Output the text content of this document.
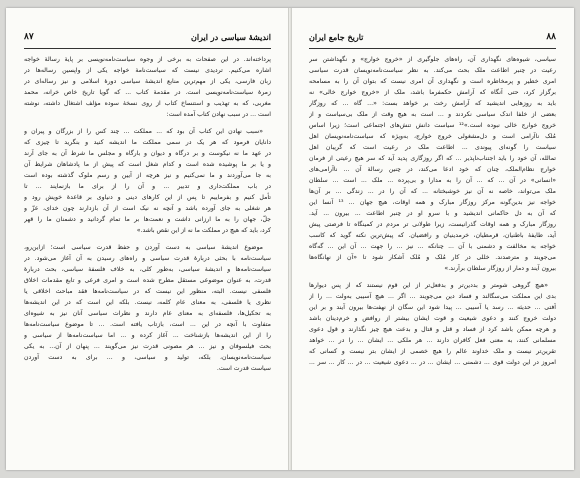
۸۷	اندیشهٔ سیاسی در ایران
پرداخته‌اند. در این صفحات به برخی از وجوه سیاست‌نامه‌نویسی بر پایهٔ رسالهٔ خواجه
اشاره می‌کنیم. تردیدی نیست که سیاست‌نامهٔ خواجه یکی از واپسین رساله‌ها در
زبان فارسی، یکی از مهم‌ترین منابع اندیشهٔ سیاسی دورهٔ اسلامی و نیز رساله‌ای در
زمرهٔ سیاست‌نامه‌نویسی است. در مقدمهٔ کتاب ... که گویا تاریخ خاص خرانه، محمد
مغربی، که به تهذیب و استنساخ کتاب از روی نسخهٔ سوده مؤلف اشتغال داشته، نوشته
است ... در سبب نهادن کتاب آمده است:
«سبب نهادن این کتاب آن بود که ... مملکت ... چند کس را از بزرگان و پیران و
دانایان فرمود که هر یک در سمی مملکت ما اندیشه کنید و بنگرید تا چیزی که
در عهد ما نه نیکوست و بر درگاه و دیوان و بارگاه و مجلس ما شرط آن به جای آرند
و یا بر ما پوشیده شده است و کدام شغل است که پیش از ما پادشاهان شرایط آن
به جا می‌آوردند و ما نمی‌کنیم و نیز هرچه از آیین و رسم ملوک گذشته بوده است
در باب مملکت‌داری و تدبیر ... و آن را از برای ما بازنمایند ... تا
تأمل کنیم و بفرماییم تا پس از این کارهای دینی و دنیاوی بر قاعدهٔ خویش رود و
هر شغلی به جای آورده باشد و آنچه نه نیک است از آن بازدارند چون خدای، عزّ و
جلّ، جهان را به ما ارزانی داشت و نعمت‌ها بر ما تمام گردانید و دشمنان ما را قهر
کرد، باید که هیچ در مملکت ما نه از این نقص باشد.»
موضوع اندیشهٔ سیاسی به دست آوردن و حفظ قدرت سیاسی است؛ ازاین‌رو،
سیاست‌نامه با بحثی دربارهٔ قدرت سیاسی و راه‌های رسیدن به آن آغاز می‌شود. در
سیاست‌نامه‌ها و اندیشهٔ سیاسی، به‌طور کلی، به خلاف فلسفهٔ سیاسی، بحث دربارهٔ
قدرت، به عنوان موضوعی مستقل مطرح شده است و امری فرعی و تابع مقدمات اخلاق
فلسفی نیست. البته، منظور این نیست که در سیاست‌نامه‌ها فقد مباحث اخلاقی یا
نظری یا فلسفی، به معنای عام کلمه، نیست. بلکه این است که در ‌این اندیشه‌ها
به تحکیل‌ها، فلسفه‌ای به معنای عام دارند و نظرات سیاسی آنان نیز به شیوه‌ای
متفاوت با آنچه در این ... است، بازتاب یافته است. ... تا موضوع سیاست‌نامه‌ها
را از این اندیشه‌ها بازشناخت ... آغاز کرده و ... اما سیاست‌نامه‌ها از سیاسی و
بحث فیلسوفان و نیز ... هر مصونی قدرت نیز می‌گویند ... پنهان از آن... به یکی
سیاست‌نامه‌نویسان، بلکه، تولید و سیاسی، و ... برای به دست آوردن
سیاست قدرت است.
تاریخ جامع ایران	۸۸
سیاسی، شیوه‌های نگهداری آن، راه‌های جلوگیری از «خروج خوارج» و نگهداشتن سر
رعیت در چنبر اطاعت ملک بحث می‌کند. به نظر سیاست‌نامه‌نویسان قدرت سیاسی
امری خطیر و پرمخاطره است و نگهداری آن امری نیست که بتوان آن را به مسامحه
برگزار کرد، حتی آنگاه که آرامش حکمفرما باشد، ملک از «خروج خوارج خالی» نه
باید به روزهایی اندیشید که آرامش رخت بر خواهد بست: «... گاه ... که روزگار
بعضی از خلفا اندک سیاسی نکردند و ... است به هیچ وقت از ملک بی‌سیاست و از
خروج خوارج خالی نبوده است.»¹² سیاست دانش تنش‌های اجتماعی است؛ زیرا اساس
مُلک ناآرامی است و دل‌مشغولی خروج خوارج، به‌ویژه که سیاست‌نامه‌نویسان اهل
سیاست را گونه‌ای پیوندی ... اطاعت ملک در رعیت است که گریبان اهل
تمالله، آن خود را باید اجتناب‌ناپذیر ... که اگر روزگاری پدید آید که سر هیچ رعیتی از فرمان
خوارج نظام‌الملک، چنان که خود ادعا می‌کند، در چنین رسالهٔ آن ... ناآرامی‌های
«انسانی» در آن ... که ... آن را به مدارا و بی‌پرده ... ملک ... است ... سلطان
ملک می‌تواند، خاصه نه آن نیز خوشبختانه ... که آن را در ... زندگی ... بر آن‌ها
خواجه نیز بدین‌گونه مرکز روزگار مبارک و همه اوقات، هیچ جهان ... ¹³ آنسا این
که آن به دل حاکمانی اندیشید و با سرو او در چنبر اطاعت ... بیرون ... آید.
روزگار مبارک و همه اوقات گذرانیست، زیرا طولانی تر مردم در کمینگاه تا فرصتی پیش
آید، طایفهٔ باطنیان، قرمطیان، خرمدینیان و رافضیان. که پیش‌ترین نکته گوید که کاسب
خواجه به مخالفت و دشمنی با آن ... چنانکه ... نیز ... را جهت ... آن این ... گه‌گاه
می‌جویند و مترصدند. خللی در کار مُلک و مُلک آشکار شود تا «آن از نهانگاه‌ها
بیرون آیند و دمار از روزگار سلطان برآرند.»
«هیچ گروهی شومتر و بددین‌تر و بدفعل‌تر از این قوم نیستند که از پس دیوارها
بدی این مملکت می‌سگالند و فساد دین می‌جویند ... اگر ... هیچ آسیبی به‌ولت ... را از
آفتی ... حدیثه ... رسد یا آسیبی ... پیدا شود این سگان از نهفت‌ها بیرون آیند و بر این
دولت خروج کنند و دعوی شیعیت و قوت ایشان بیشتر از روافض و خرم‌دینان باشد
و هرچه ممکن باشد کرد از فساد و قتل و قتال و بدعت هیچ چیز نگذارند و قول دعوی
مسلمانی کنند، به معنی فعل کافران دارند ... هر ملکی ... ایشان ... را در ... خواهد
تقرین‌تر نیست و ملک خداوند عالم را هیچ خصمی از ایشان بتر نیست و کسانی که
امروز در این دولت قوی ... دشمنی ... ایشان ... در ... دعوی شیعیت ... در ... کار ... سر ...
